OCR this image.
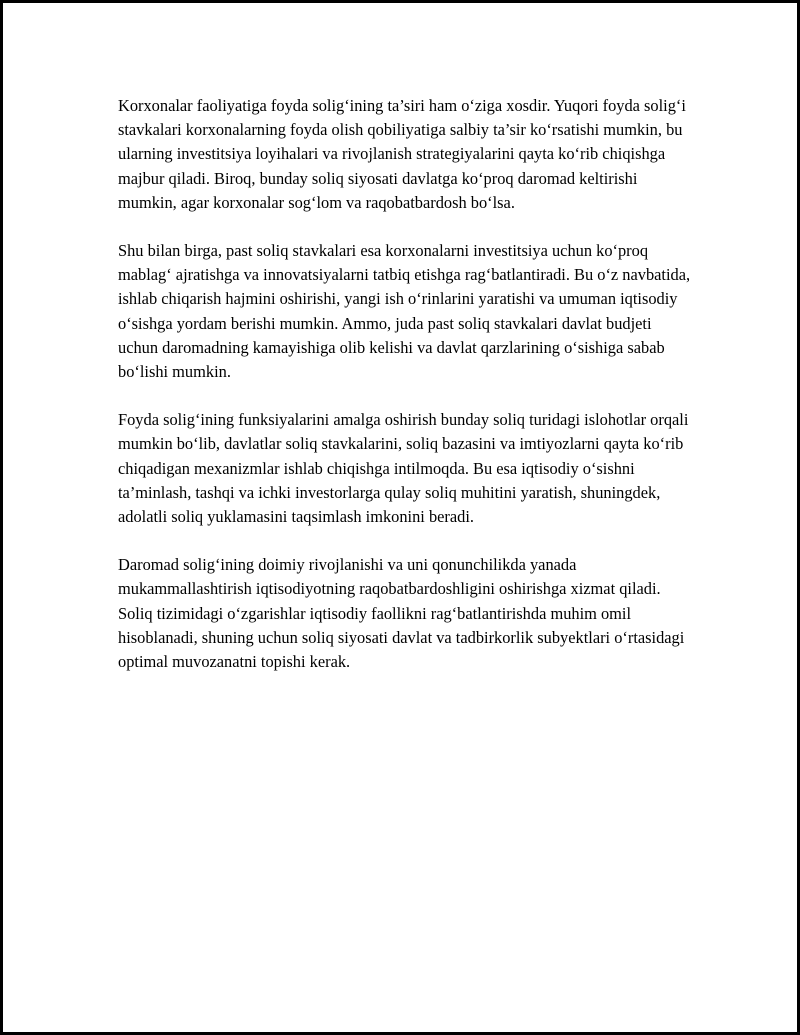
Korxonalar faoliyatiga foyda solig‘ining ta’siri ham o‘ziga xosdir. Yuqori foyda solig‘i stavkalari korxonalarning foyda olish qobiliyatiga salbiy ta’sir ko‘rsatishi mumkin, bu ularning investitsiya loyihalari va rivojlanish strategiyalarini qayta ko‘rib chiqishga majbur qiladi. Biroq, bunday soliq siyosati davlatga ko‘proq daromad keltirishi mumkin, agar korxonalar sog‘lom va raqobatbardosh bo‘lsa.

Shu bilan birga, past soliq stavkalari esa korxonalarni investitsiya uchun ko‘proq mablag‘ ajratishga va innovatsiyalarni tatbiq etishga rag‘batlantiradi. Bu o‘z navbatida, ishlab chiqarish hajmini oshirishi, yangi ish o‘rinlarini yaratishi va umuman iqtisodiy o‘sishga yordam berishi mumkin. Ammo, juda past soliq stavkalari davlat budjeti uchun daromadning kamayishiga olib kelishi va davlat qarzlarining o‘sishiga sabab bo‘lishi mumkin.

Foyda solig‘ining funksiyalarini amalga oshirish bunday soliq turidagi islohotlar orqali mumkin bo‘lib, davlatlar soliq stavkalarini, soliq bazasini va imtiyozlarni qayta ko‘rib chiqadigan mexanizmlar ishlab chiqishga intilmoqda. Bu esa iqtisodiy o‘sishni ta’minlash, tashqi va ichki investorlarga qulay soliq muhitini yaratish, shuningdek, adolatli soliq yuklamasini taqsimlash imkonini beradi.

Daromad solig‘ining doimiy rivojlanishi va uni qonunchilikda yanada mukammallashtirish iqtisodiyotning raqobatbardoshligini oshirishga xizmat qiladi. Soliq tizimidagi o‘zgarishlar iqtisodiy faollikni rag‘batlantirishda muhim omil hisoblanadi, shuning uchun soliq siyosati davlat va tadbirkorlik subyektlari o‘rtasidagi optimal muvozanatni topishi kerak.
